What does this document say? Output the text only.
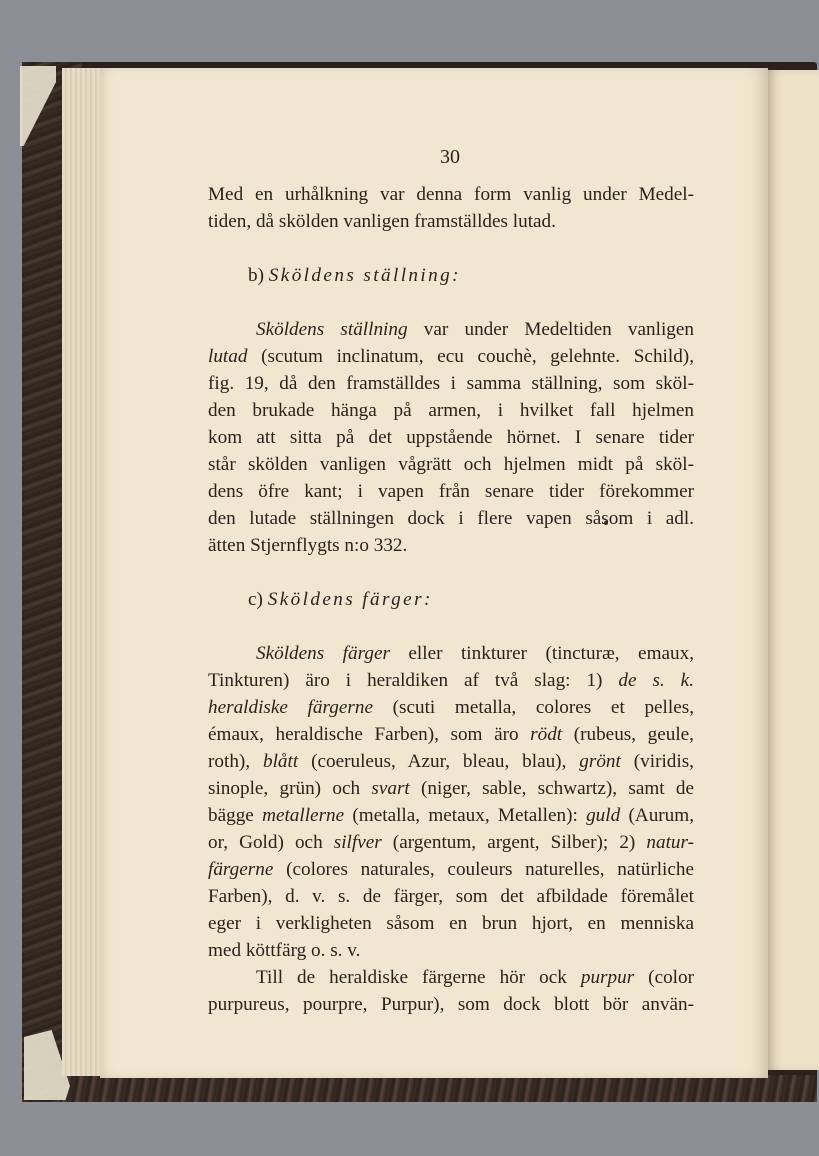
30
Med en urhålkning var denna form vanlig under Medel-
tiden, då skölden vanligen framställdes lutad.
b) Sköldens ställning:
Sköldens ställning var under Medeltiden vanligen
lutad (scutum inclinatum, ecu couchè, gelehnte. Schild),
fig. 19, då den framställdes i samma ställning, som sköl-
den brukade hänga på armen, i hvilket fall hjelmen
kom att sitta på det uppstående hörnet. I senare tider
står skölden vanligen vågrätt och hjelmen midt på sköl-
dens öfre kant; i vapen från senare tider förekommer
den lutade ställningen dock i flere vapen såsom i adl.
ätten Stjernflygts n:o 332.
c) Sköldens färger:
Sköldens färger eller tinkturer (tincturæ, emaux,
Tinkturen) äro i heraldiken af två slag: 1) de s. k.
heraldiske färgerne (scuti metalla, colores et pelles,
émaux, heraldische Farben), som äro rödt (rubeus, geule,
roth), blått (coeruleus, Azur, bleau, blau), grönt (viridis,
sinople, grün) och svart (niger, sable, schwartz), samt de
bägge metallerne (metalla, metaux, Metallen): guld (Aurum,
or, Gold) och silfver (argentum, argent, Silber); 2) natur-
färgerne (colores naturales, couleurs naturelles, natürliche
Farben), d. v. s. de färger, som det afbildade föremålet
eger i verkligheten såsom en brun hjort, en menniska
med köttfärg o. s. v.
Till de heraldiske färgerne hör ock purpur (color
purpureus, pourpre, Purpur), som dock blott bör använ-
